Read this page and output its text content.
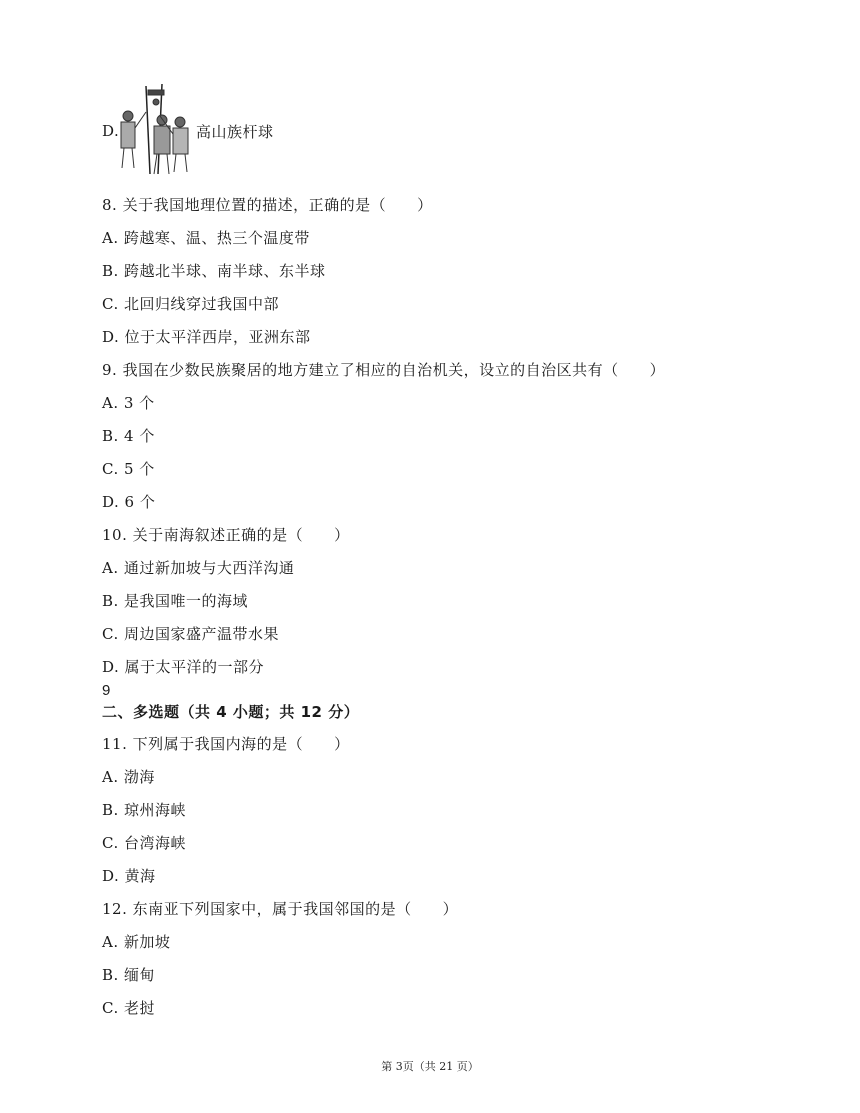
D.	高山族杆球
8. 关于我国地理位置的描述，正确的是（　　）
A. 跨越寒、温、热三个温度带
B. 跨越北半球、南半球、东半球
C. 北回归线穿过我国中部
D. 位于太平洋西岸，亚洲东部
9. 我国在少数民族聚居的地方建立了相应的自治机关，设立的自治区共有（　　）
A. 3 个
B. 4 个
C. 5 个
D. 6 个
10. 关于南海叙述正确的是（　　）
A. 通过新加坡与大西洋沟通
B. 是我国唯一的海域
C. 周边国家盛产温带水果
D. 属于太平洋的一部分
9
二、多选题（共 4 小题；共 12 分）
11. 下列属于我国内海的是（　　）
A. 渤海
B. 琼州海峡
C. 台湾海峡
D. 黄海
12. 东南亚下列国家中，属于我国邻国的是（　　）
A. 新加坡
B. 缅甸
C. 老挝
第 3页（共 21 页）
